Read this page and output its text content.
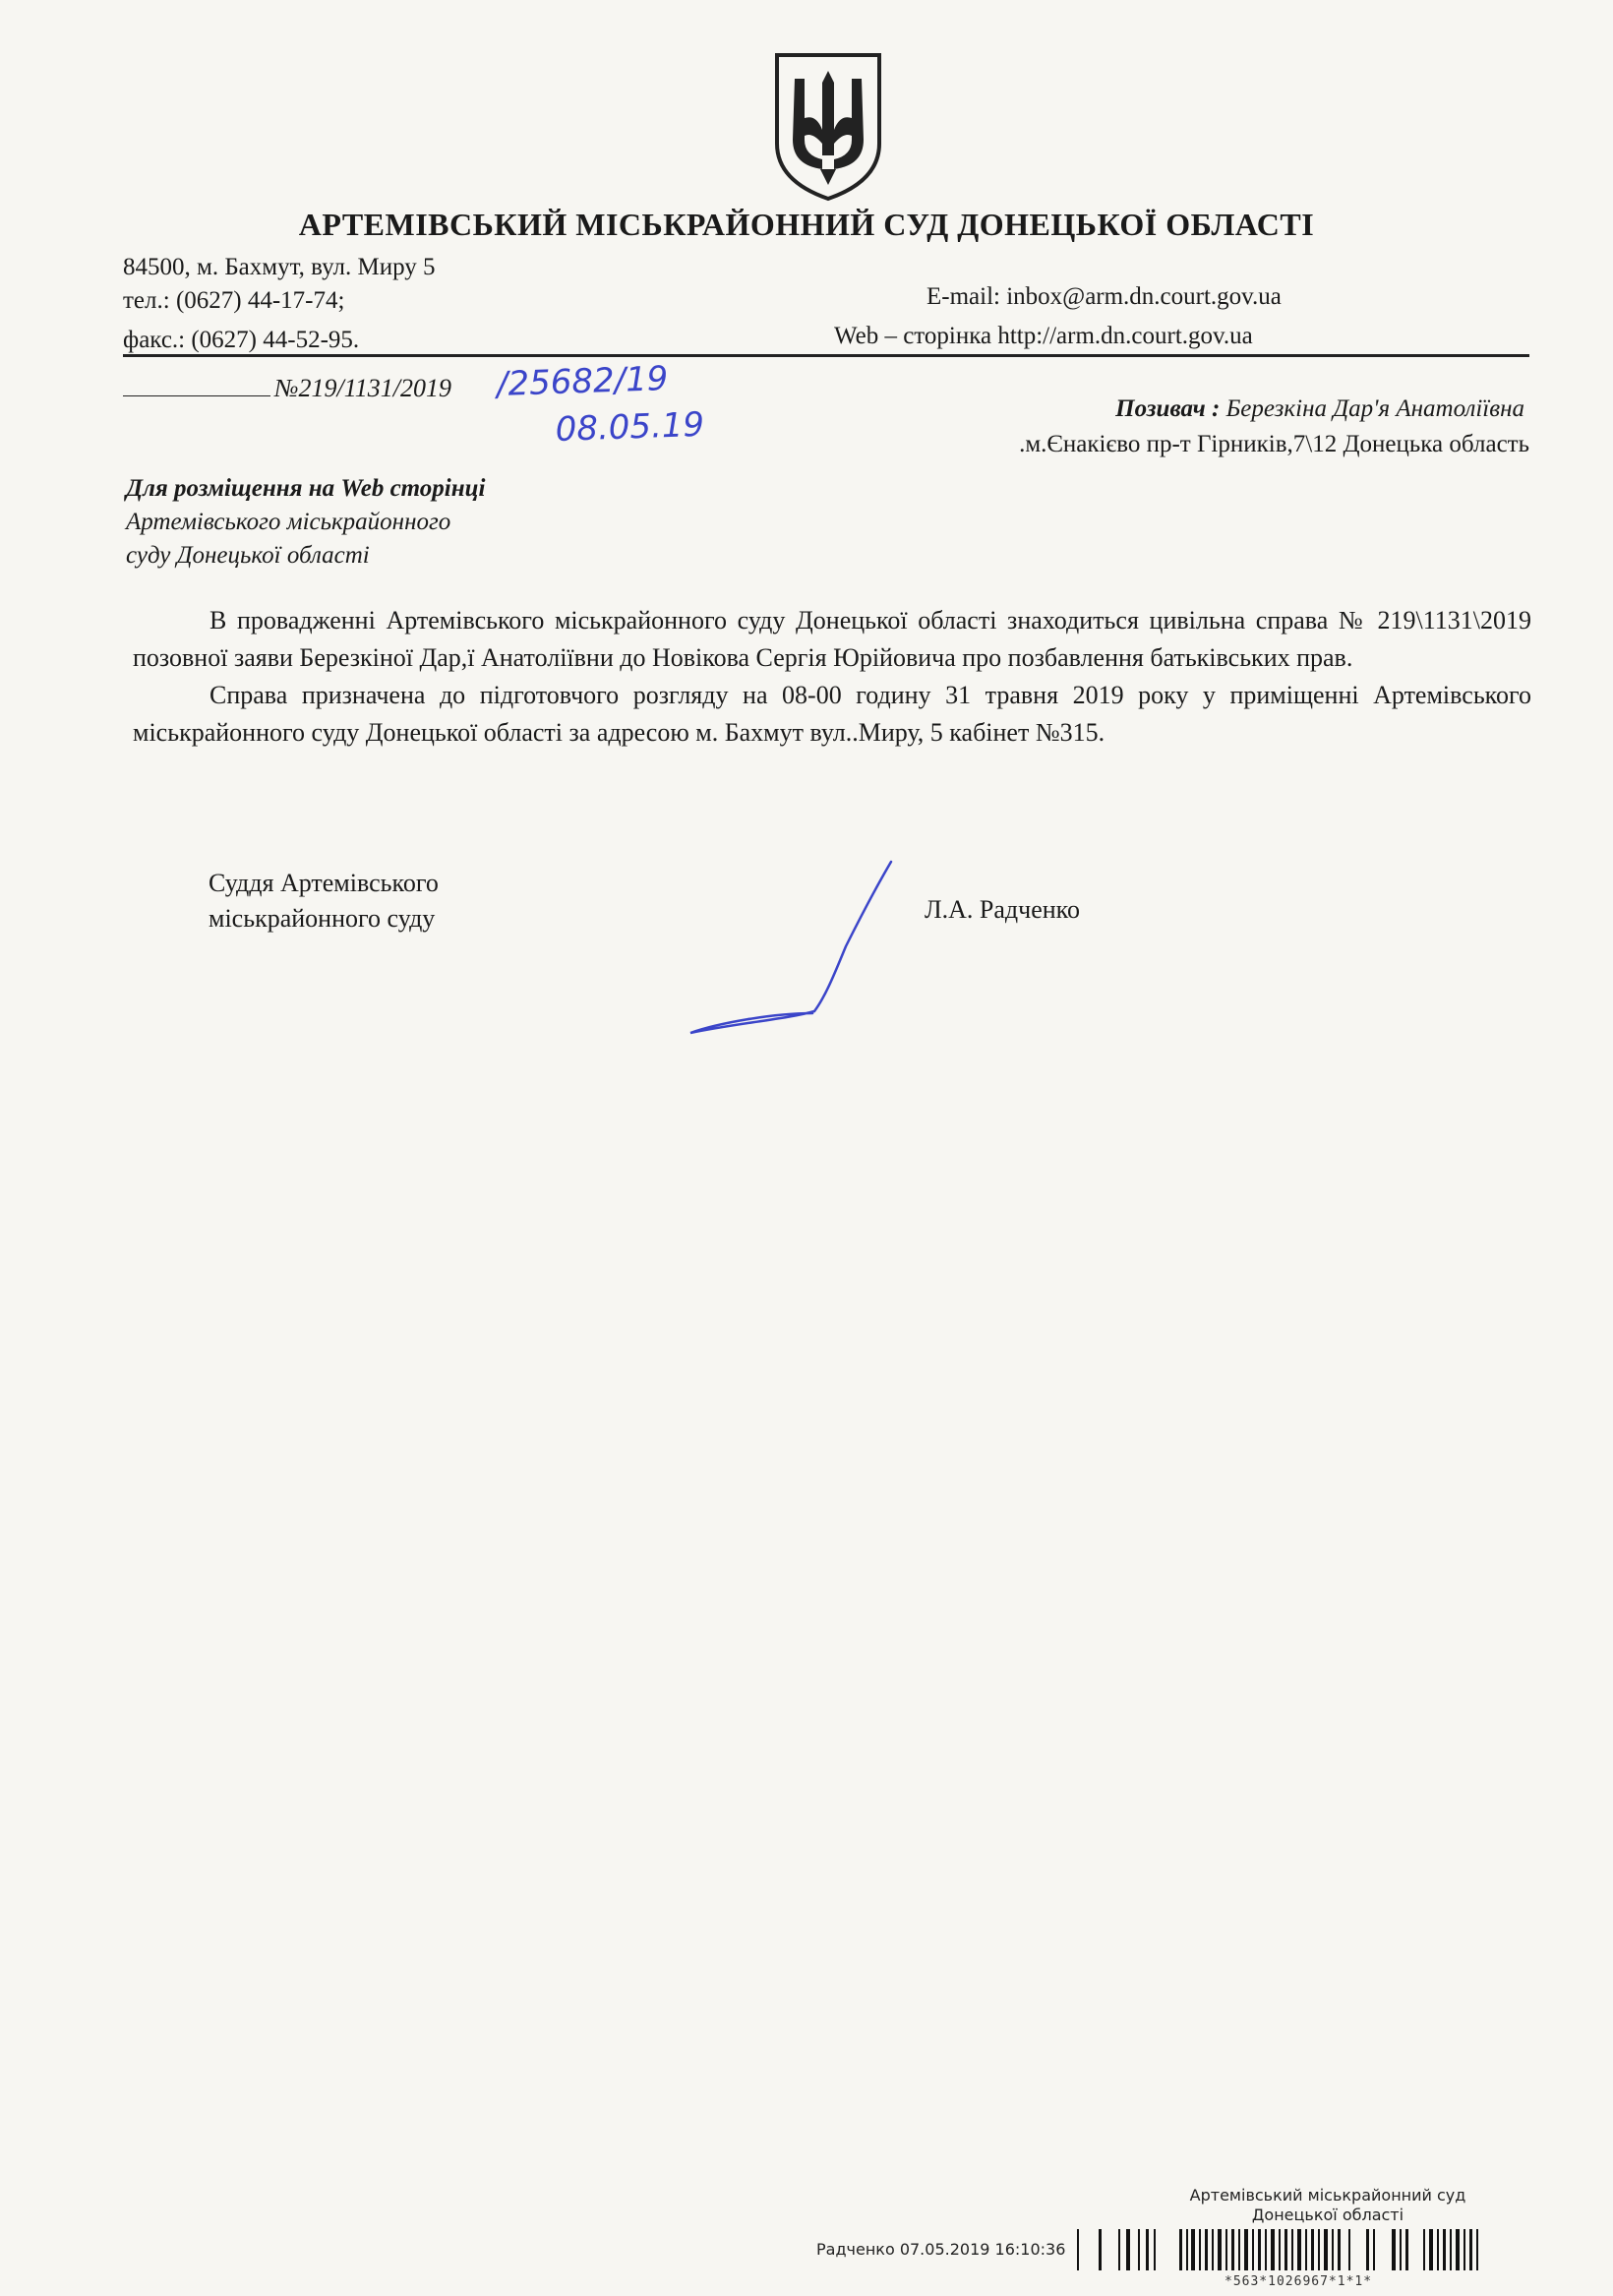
АРТЕМІВСЬКИЙ МІСЬКРАЙОННИЙ СУД ДОНЕЦЬКОЇ ОБЛАСТІ
84500, м. Бахмут, вул. Миру 5
тел.: (0627) 44-17-74;
факс.: (0627) 44-52-95.
E-mail: inbox@arm.dn.court.gov.ua
Web – сторінка http://arm.dn.court.gov.ua
№219/1131/2019 /25682/19
08.05.19	Позивач : Березкіна Дар'я Анатоліївна
.м.Єнакієво пр-т Гірників,7\12 Донецька область
Для розміщення на Web сторінці
Артемівського міськрайонного
суду Донецької області

В провадженні Артемівського міськрайонного суду Донецької області знаходиться цивільна справа № 219\1131\2019 позовної заяви Березкіної Дар,ї Анатоліївни до Новікова Сергія Юрійовича про позбавлення батьківських прав.

Справа призначена до підготовчого розгляду на 08-00 годину 31 травня 2019 року у приміщенні Артемівського міськрайонного суду Донецької області за адресою м. Бахмут вул..Миру, 5 кабінет №315.

Суддя Артемівського
міськрайонного суду	Л.А. Радченко
Артемівський міськрайонний суд
Донецької області
Радченко 07.05.2019 16:10:36
*563*1026967*1*1*
